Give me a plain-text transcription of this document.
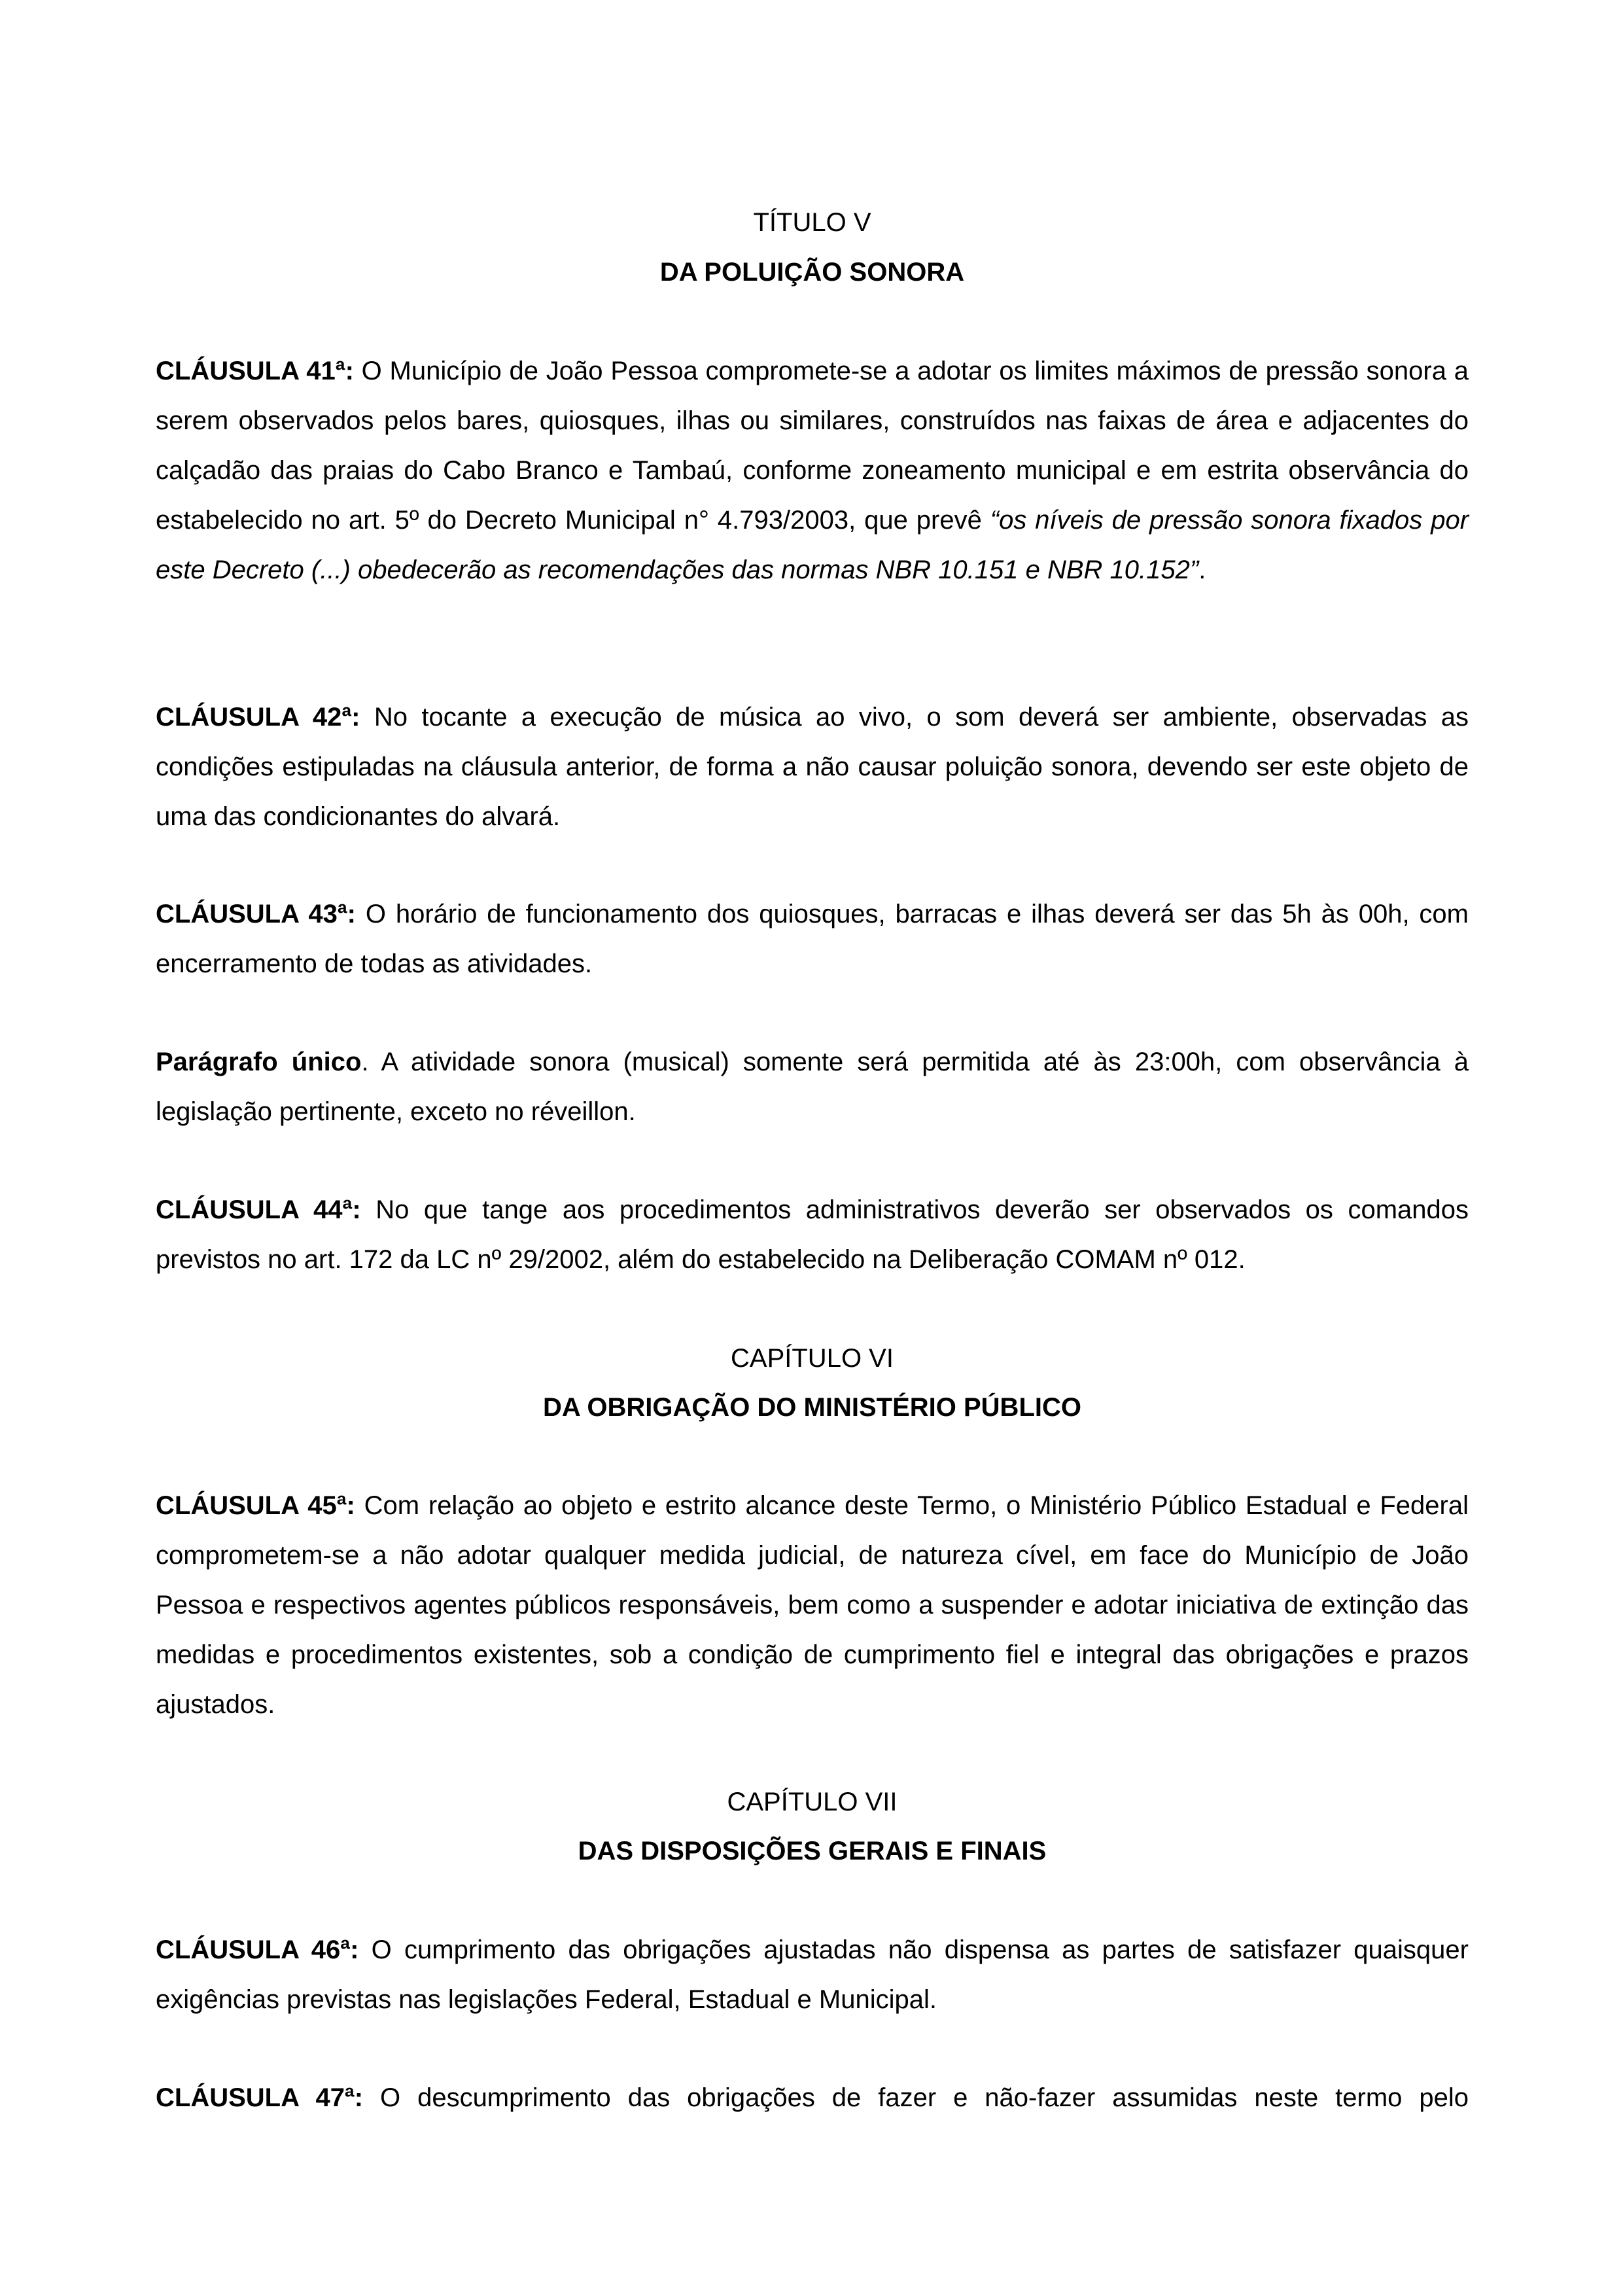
TÍTULO V

DA POLUIÇÃO SONORA

CLÁUSULA 41ª: O Município de João Pessoa compromete-se a adotar os limites máximos de pressão sonora a serem observados pelos bares, quiosques, ilhas ou similares, construídos nas faixas de área e adjacentes do calçadão das praias do Cabo Branco e Tambaú, conforme zoneamento municipal e em estrita observância do estabelecido no art. 5º do Decreto Municipal n° 4.793/2003, que prevê “os níveis de pressão sonora fixados por este Decreto (...) obedecerão as recomendações das normas NBR 10.151 e NBR 10.152”.

CLÁUSULA 42ª: No tocante a execução de música ao vivo, o som deverá ser ambiente, observadas as condições estipuladas na cláusula anterior, de forma a não causar poluição sonora, devendo ser este objeto de uma das condicionantes do alvará.

CLÁUSULA 43ª: O horário de funcionamento dos quiosques, barracas e ilhas deverá ser das 5h às 00h, com encerramento de todas as atividades.

Parágrafo único. A atividade sonora (musical) somente será permitida até às 23:00h, com observância à legislação pertinente, exceto no réveillon.

CLÁUSULA 44ª: No que tange aos procedimentos administrativos deverão ser observados os comandos previstos no art. 172 da LC nº 29/2002, além do estabelecido na Deliberação COMAM nº 012.

CAPÍTULO VI

DA OBRIGAÇÃO DO MINISTÉRIO PÚBLICO

CLÁUSULA 45ª: Com relação ao objeto e estrito alcance deste Termo, o Ministério Público Estadual e Federal comprometem-se a não adotar qualquer medida judicial, de natureza cível, em face do Município de João Pessoa e respectivos agentes públicos responsáveis, bem como a suspender e adotar iniciativa de extinção das medidas e procedimentos existentes, sob a condição de cumprimento fiel e integral das obrigações e prazos ajustados.

CAPÍTULO VII

DAS DISPOSIÇÕES GERAIS E FINAIS

CLÁUSULA 46ª: O cumprimento das obrigações ajustadas não dispensa as partes de satisfazer quaisquer exigências previstas nas legislações Federal, Estadual e Municipal.

CLÁUSULA 47ª: O descumprimento das obrigações de fazer e não-fazer assumidas neste termo pelo
